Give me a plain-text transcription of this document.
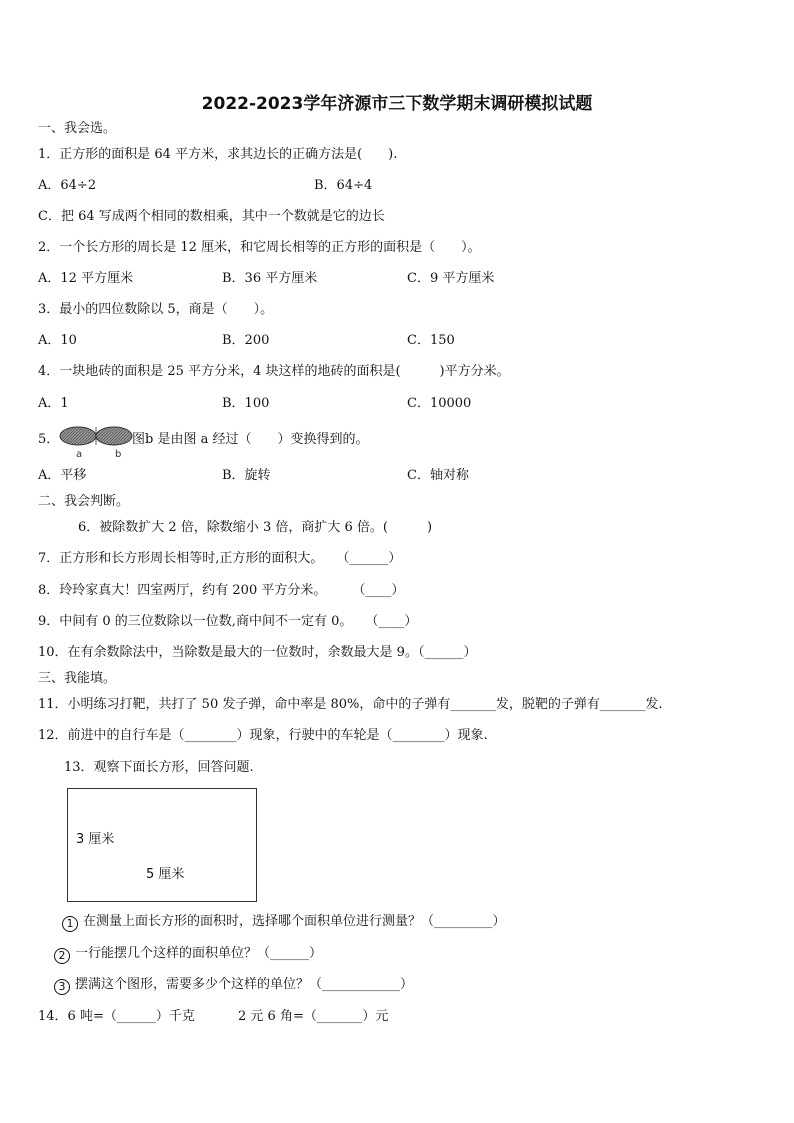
2022-2023学年济源市三下数学期末调研模拟试题
一、我会选。
1．正方形的面积是 64 平方米，求其边长的正确方法是(　　).
A．64÷2	B．64÷4
C．把 64 写成两个相同的数相乘，其中一个数就是它的边长
2．一个长方形的周长是 12 厘米，和它周长相等的正方形的面积是（　　）。
A．12 平方厘米	B．36 平方厘米	C．9 平方厘米
3．最小的四位数除以 5，商是（　　）。
A．10	B．200	C．150
4．一块地砖的面积是 25 平方分米，4 块这样的地砖的面积是(　　　)平方分米。
A．1	B．100	C．10000
5．
a	b
图b 是由图 a 经过（　　）变换得到的。
A．平移	B．旋转	C．轴对称
二、我会判断。
6．被除数扩大 2 倍，除数缩小 3 倍，商扩大 6 倍。(　　　)
7．正方形和长方形周长相等时,正方形的面积大。　　（______）
8．玲玲家真大！四室两厅，约有 200 平方分米。　　　（____）
9．中间有 0 的三位数除以一位数,商中间不一定有 0。　　（____）
10．在有余数除法中，当除数是最大的一位数时，余数最大是 9。（______）
三、我能填。
11．小明练习打靶，共打了 50 发子弹，命中率是 80%，命中的子弹有_______发，脱靶的子弹有_______发.
12．前进中的自行车是（________）现象，行驶中的车轮是（________）现象.
13．观察下面长方形，回答问题.
3 厘米
5 厘米
1 在测量上面长方形的面积时，选择哪个面积单位进行测量？（_________）
2 一行能摆几个这样的面积单位？（______）
3 摆满这个图形，需要多少个这样的单位？（____________）
14．6 吨=（______）千克	2 元 6 角=（_______）元
